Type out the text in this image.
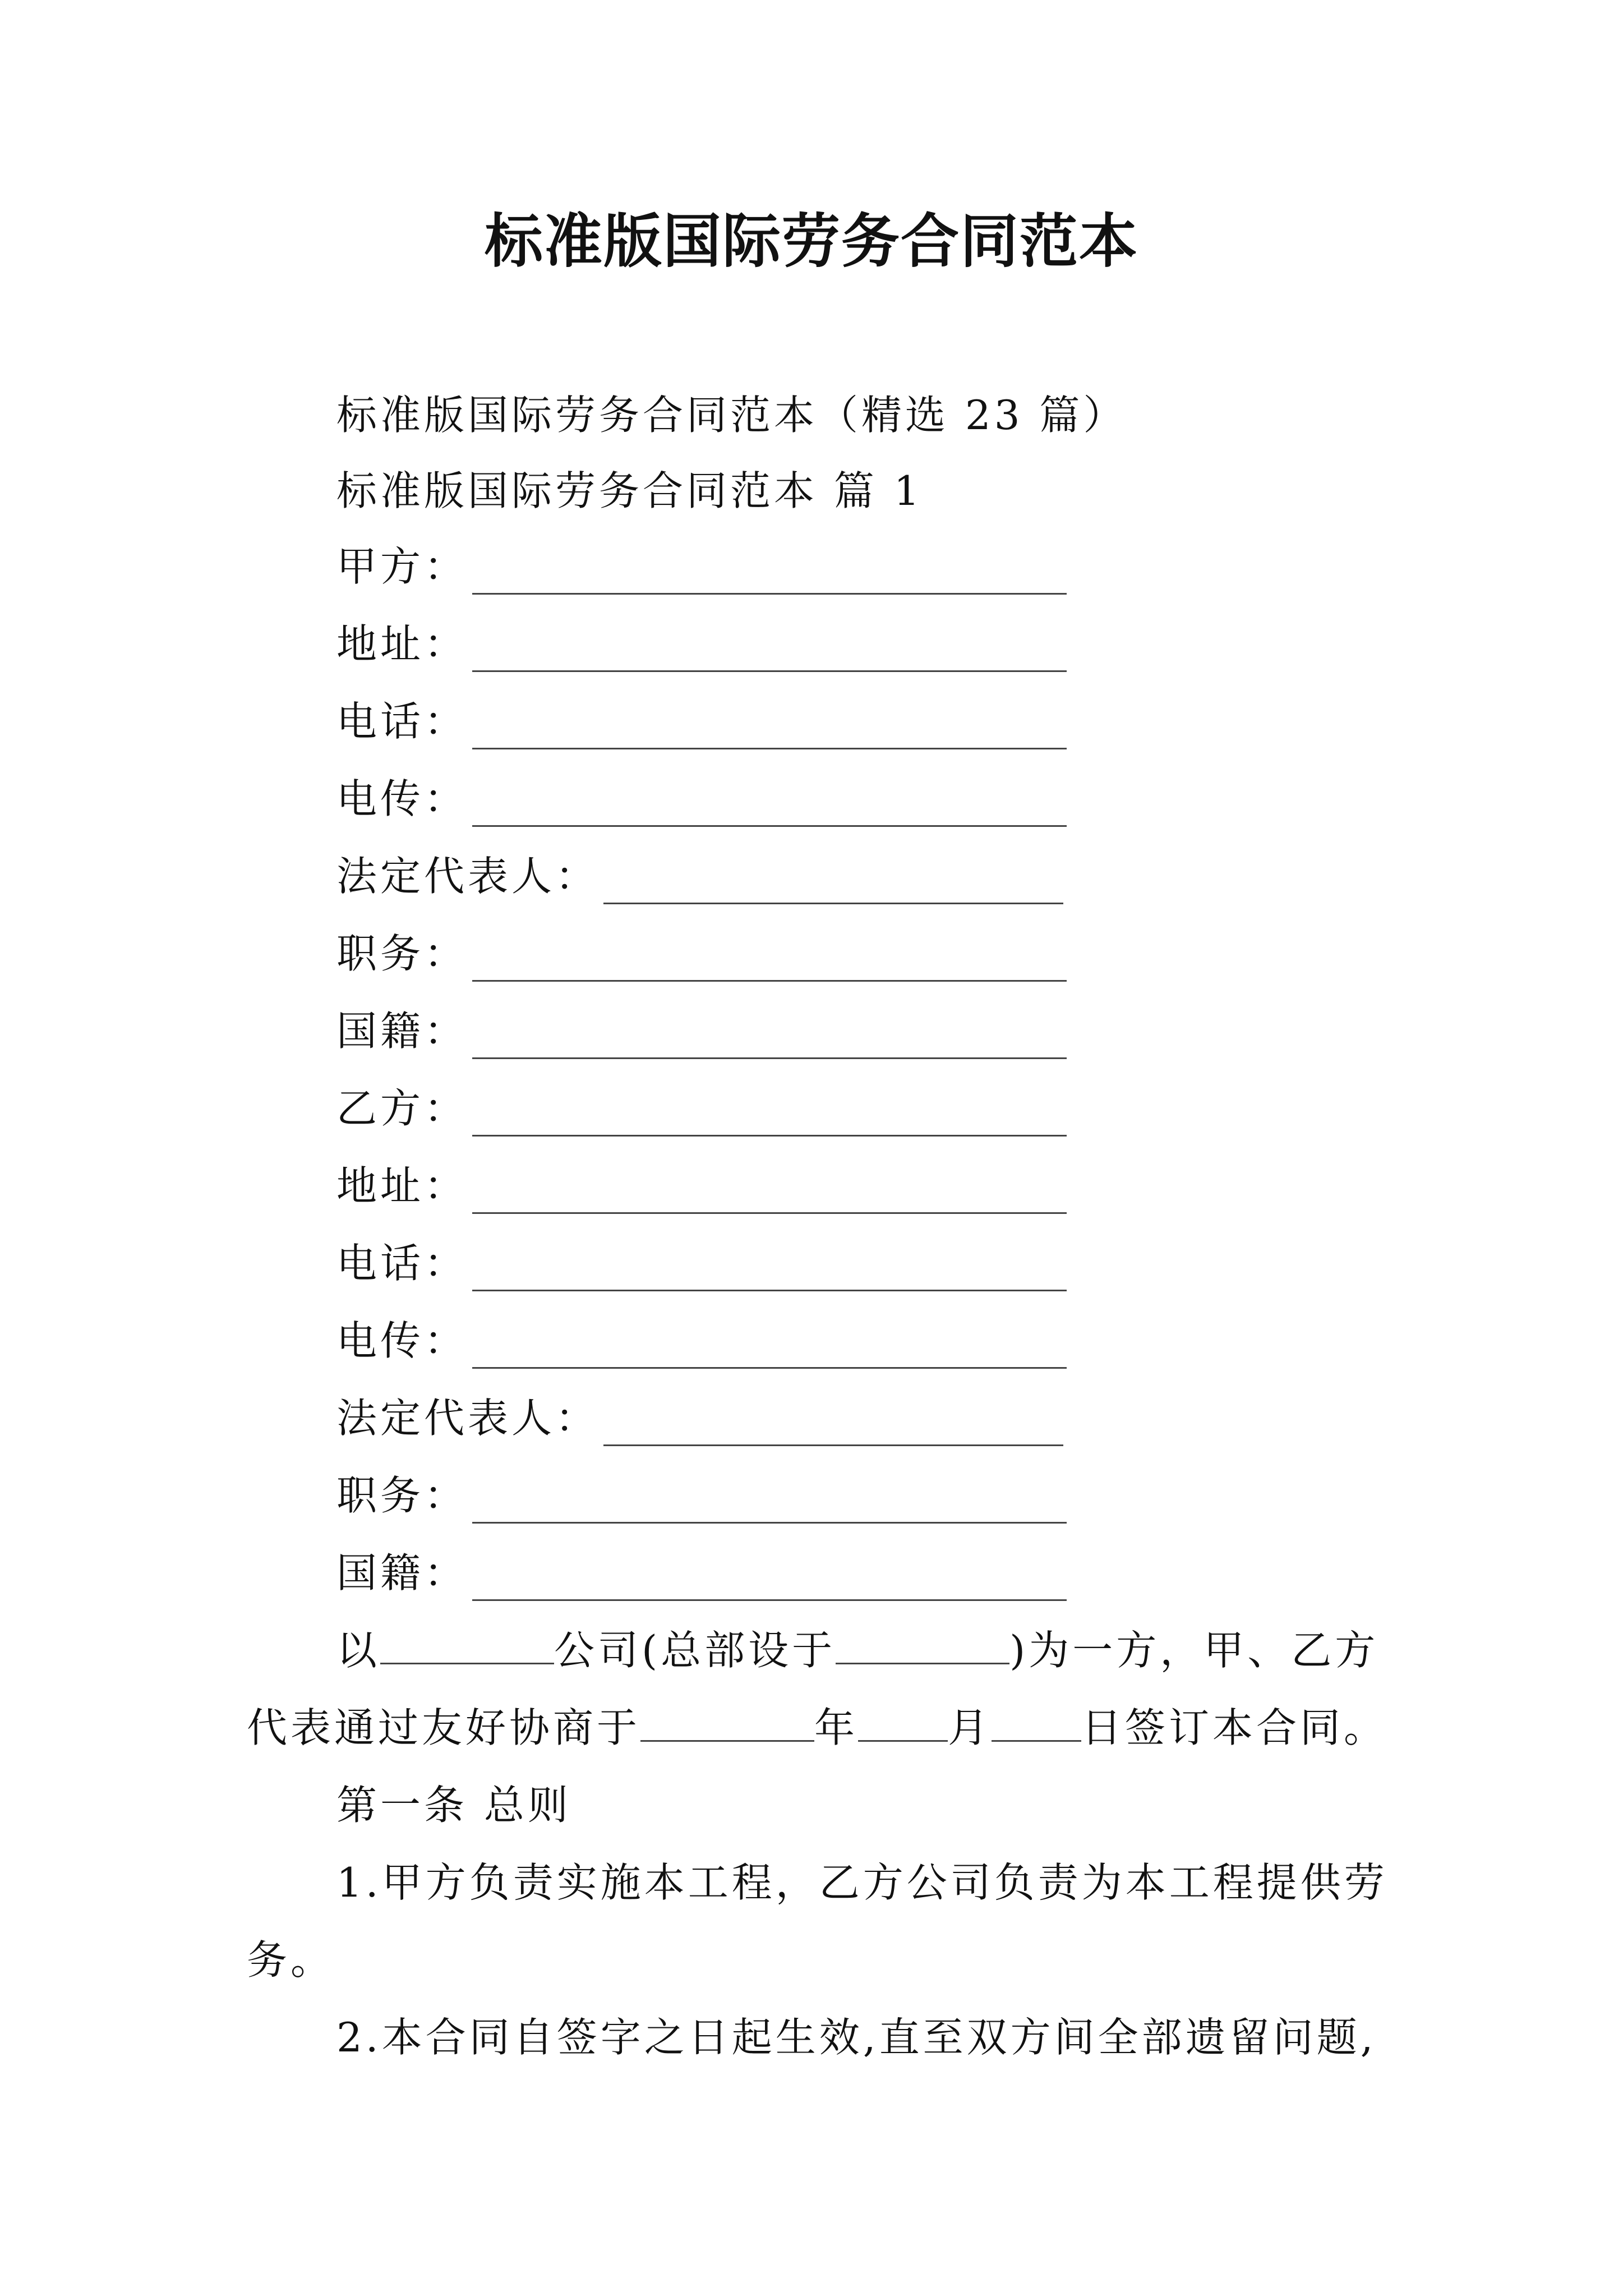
标准版国际劳务合同范本
标准版国际劳务合同范本（精选 23 篇）
标准版国际劳务合同范本 篇 1
甲方：
地址：
电话：
电传：
法定代表人：
职务：
国籍：
乙方：
地址：
电话：
电传：
法定代表人：
职务：
国籍：
以	公司(总部设于	)为一方，甲、乙方
代表通过友好协商于	年 月 日签订本合同。
第一条 总则
1.甲方负责实施本工程，乙方公司负责为本工程提供劳
务。
2.本合同自签字之日起生效,直至双方间全部遗留问题,
